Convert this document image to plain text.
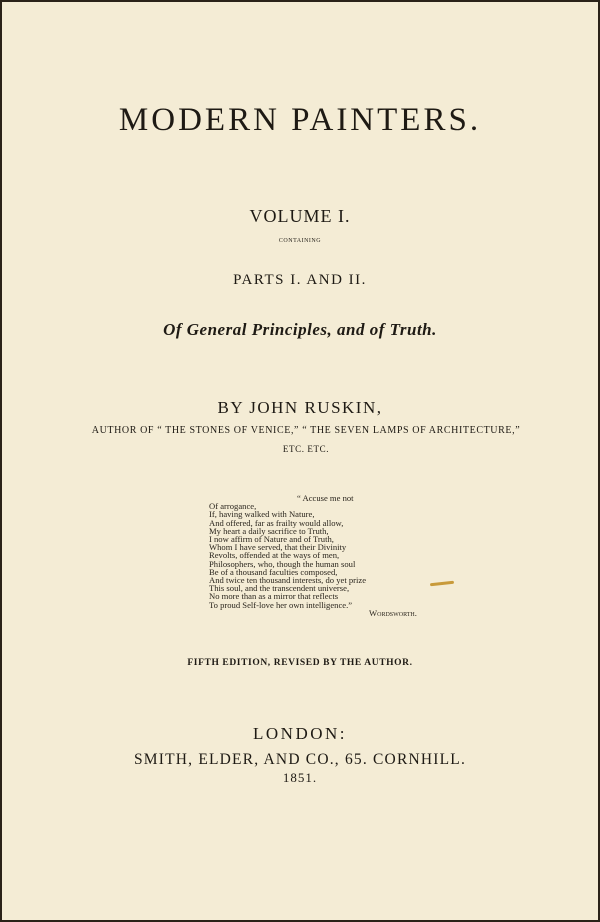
MODERN PAINTERS.
VOLUME I.
CONTAINING
PARTS I. AND II.
Of General Principles, and of Truth.
BY JOHN RUSKIN,
AUTHOR OF “ THE STONES OF VENICE,” “ THE SEVEN LAMPS OF ARCHITECTURE,”
ETC. ETC.
“ Accuse me not
Of arrogance,
If, having walked with Nature,
And offered, far as frailty would allow,
My heart a daily sacrifice to Truth,
I now affirm of Nature and of Truth,
Whom I have served, that their Divinity
Revolts, offended at the ways of men,
Philosophers, who, though the human soul
Be of a thousand faculties composed,
And twice ten thousand interests, do yet prize
This soul, and the transcendent universe,
No more than as a mirror that reflects
To proud Self-love her own intelligence.”
Wordsworth.
FIFTH EDITION, REVISED BY THE AUTHOR.
LONDON:
SMITH, ELDER, AND CO., 65. CORNHILL.
1851.
